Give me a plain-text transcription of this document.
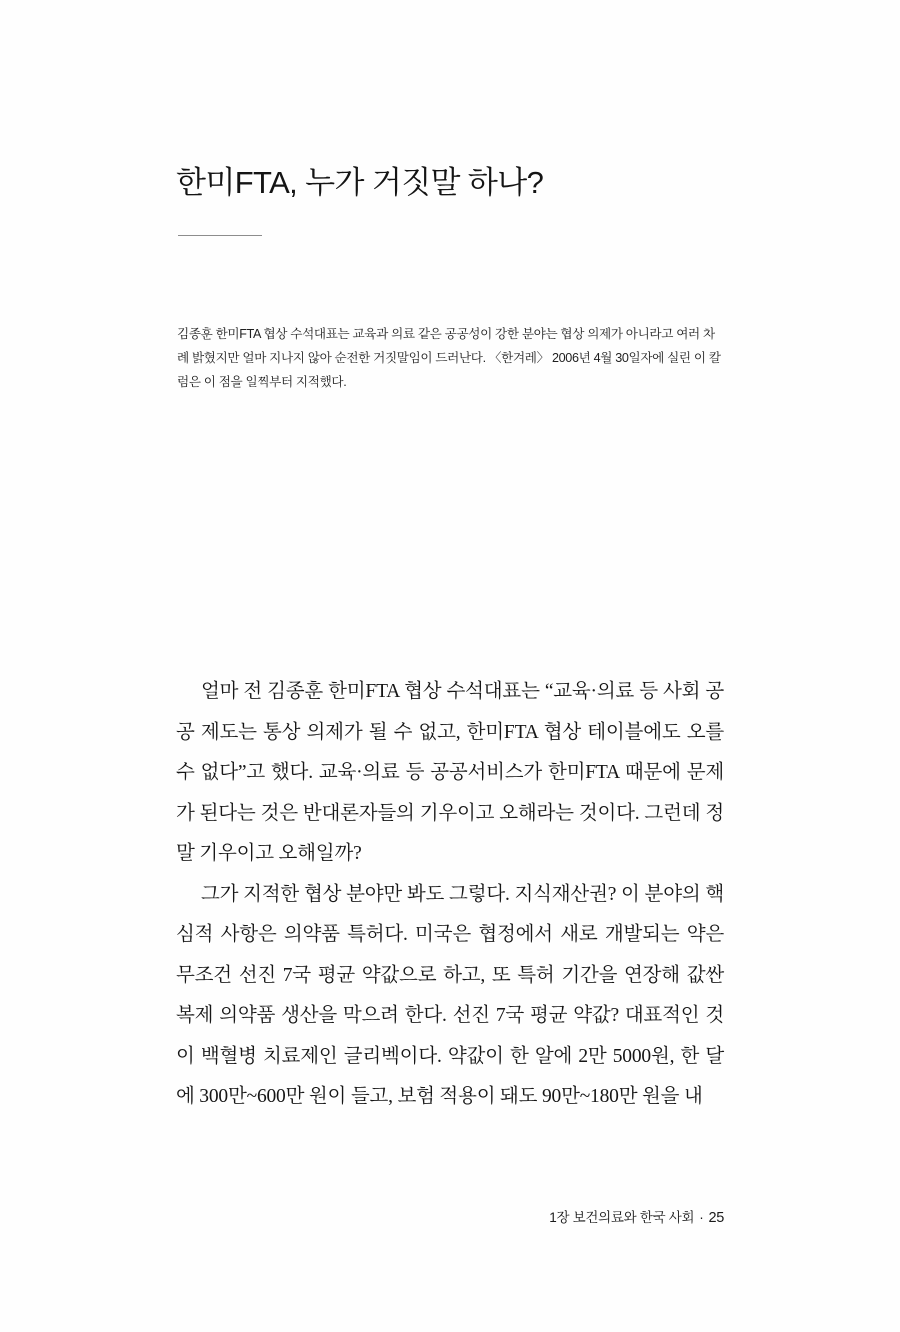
한미FTA, 누가 거짓말 하나?
김종훈 한미FTA 협상 수석대표는 교육과 의료 같은 공공성이 강한 분야는 협상 의제가 아니라고 여러 차례 밝혔지만 얼마 지나지 않아 순전한 거짓말임이 드러난다. 〈한겨레〉 2006년 4월 30일자에 실린 이 칼럼은 이 점을 일찍부터 지적했다.

얼마 전 김종훈 한미FTA 협상 수석대표는 “교육·의료 등 사회 공공 제도는 통상 의제가 될 수 없고, 한미FTA 협상 테이블에도 오를 수 없다”고 했다. 교육·의료 등 공공서비스가 한미FTA 때문에 문제가 된다는 것은 반대론자들의 기우이고 오해라는 것이다. 그런데 정말 기우이고 오해일까?

그가 지적한 협상 분야만 봐도 그렇다. 지식재산권? 이 분야의 핵심적 사항은 의약품 특허다. 미국은 협정에서 새로 개발되는 약은 무조건 선진 7국 평균 약값으로 하고, 또 특허 기간을 연장해 값싼 복제 의약품 생산을 막으려 한다. 선진 7국 평균 약값? 대표적인 것이 백혈병 치료제인 글리벡이다. 약값이 한 알에 2만 5000원, 한 달에 300만~600만 원이 들고, 보험 적용이 돼도 90만~180만 원을 내

1장 보건의료와 한국 사회 · 25
